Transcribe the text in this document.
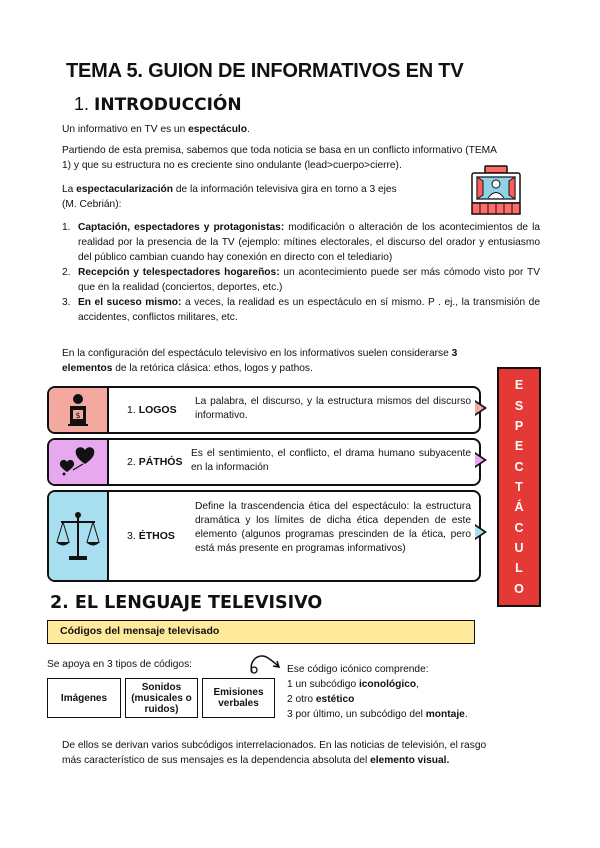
TEMA 5. GUION DE INFORMATIVOS EN TV
1. INTRODUCCIÓN
Un informativo en TV es un espectáculo.
Partiendo de esta premisa, sabemos que toda noticia se basa en un conflicto informativo (TEMA
1) y que su estructura no es creciente sino ondulante (lead>cuerpo>cierre).
La espectacularización de la información televisiva gira en torno a 3 ejes
(M. Cebrián):
1. Captación, espectadores y protagonistas: modificación o alteración de los acontecimientos de la realidad por la presencia de la TV (ejemplo: mítines electorales, el discurso del orador y entusiasmo del público cambian cuando hay conexión en directo con el telediario)
2. Recepción y telespectadores hogareños: un acontecimiento puede ser más cómodo visto por TV que en la realidad (conciertos, deportes, etc.)
3. En el suceso mismo: a veces, la realidad es un espectáculo en sí mismo. P . ej., la transmisión de accidentes, conflictos militares, etc.
En la configuración del espectáculo televisivo en los informativos suelen considerarse 3
elementos de la retórica clásica: ethos, logos y pathos.
$	1. LOGOS
La palabra, el discurso, y la estructura mismos del discurso informativo.
2. PÁTHÓS
Es el sentimiento, el conflicto, el drama humano subyacente en la información
3. ÉTHOS
Define la trascendencia ética del espectáculo: la estructura dramática y los límites de dicha ética dependen de este elemento (algunos programas prescinden de la ética, pero está más presente en programas informativos)
E
S
P
E
C
T
Á
C
U
L
O
2. EL LENGUAJE TELEVISIVO
Códigos del mensaje televisado
Se apoya en 3 tipos de códigos:
Imágenes
Sonidos (musicales o ruidos)
Emisiones verbales
Ese código icónico comprende:
1 un subcódigo iconológico,
2 otro estético
3 por último, un subcódigo del montaje.
De ellos se derivan varios subcódigos interrelacionados. En las noticias de televisión, el rasgo
más característico de sus mensajes es la dependencia absoluta del elemento visual.
